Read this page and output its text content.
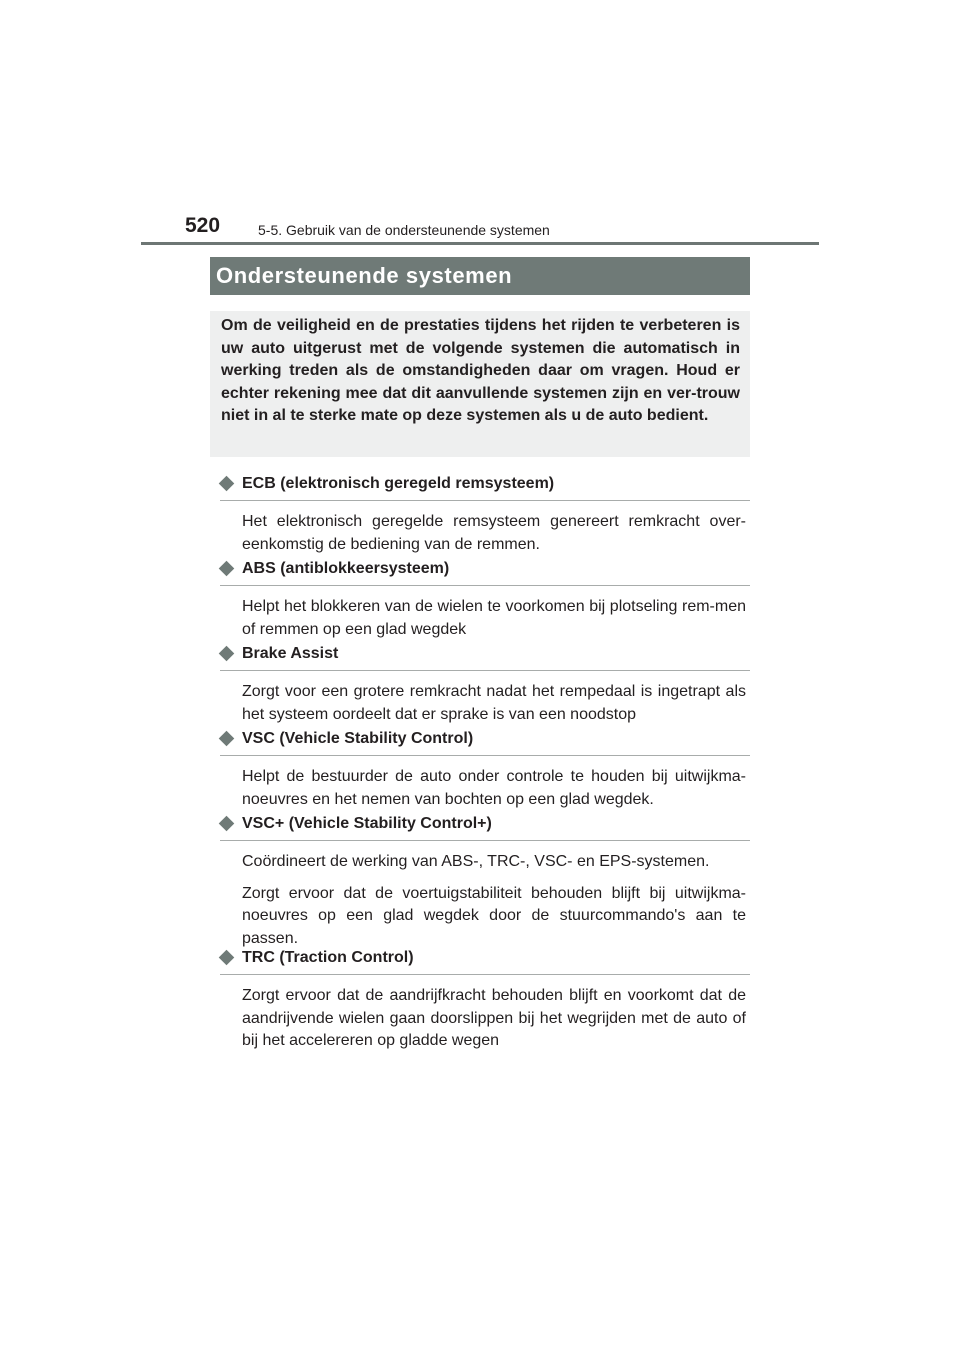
520	5-5. Gebruik van de ondersteunende systemen
Ondersteunende systemen

Om de veiligheid en de prestaties tijdens het rijden te verbeteren is uw auto uitgerust met de volgende systemen die automatisch in werking treden als de omstandigheden daar om vragen. Houd er echter rekening mee dat dit aanvullende systemen zijn en ver-trouw niet in al te sterke mate op deze systemen als u de auto bedient.

ECB (elektronisch geregeld remsysteem)

Het elektronisch geregelde remsysteem genereert remkracht over-eenkomstig de bediening van de remmen.

ABS (antiblokkeersysteem)

Helpt het blokkeren van de wielen te voorkomen bij plotseling rem-men of remmen op een glad wegdek

Brake Assist

Zorgt voor een grotere remkracht nadat het rempedaal is ingetrapt als het systeem oordeelt dat er sprake is van een noodstop

VSC (Vehicle Stability Control)

Helpt de bestuurder de auto onder controle te houden bij uitwijkma-noeuvres en het nemen van bochten op een glad wegdek.

VSC+ (Vehicle Stability Control+)

Coördineert de werking van ABS-, TRC-, VSC- en EPS-systemen.

Zorgt ervoor dat de voertuigstabiliteit behouden blijft bij uitwijkma-noeuvres op een glad wegdek door de stuurcommando's aan te passen.

TRC (Traction Control)

Zorgt ervoor dat de aandrijfkracht behouden blijft en voorkomt dat de aandrijvende wielen gaan doorslippen bij het wegrijden met de auto of bij het accelereren op gladde wegen
